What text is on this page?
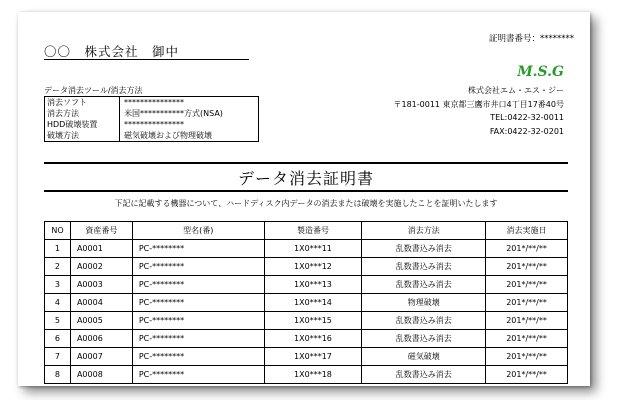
証明書番号：********
〇〇　株式会社　御中
M.S.G
株式会社エム・エス・ジー
〒181-0011 東京都三鷹市井口4丁目17番40号
TEL:0422-32-0011
FAX:0422-32-0201
データ消去ツール/消去方法
消去ソフト	***************
消去方法	米国***********方式(NSA)
HDD破壊装置	***************
破壊方法	磁気破壊および物理破壊
データ消去証明書
下記に記載する機器について、ハードディスク内データの消去または破壊を実施したことを証明いたします
NO	資産番号	型名(番)	製造番号	消去方法	消去実施日
1	A0001	PC-********	1X0***11	乱数書込み消去	201*/**/**
2	A0002	PC-********	1X0***12	乱数書込み消去	201*/**/**
3	A0003	PC-********	1X0***13	乱数書込み消去	201*/**/**
4	A0004	PC-********	1X0***14	物理破壊	201*/**/**
5	A0005	PC-********	1X0***15	乱数書込み消去	201*/**/**
6	A0006	PC-********	1X0***16	乱数書込み消去	201*/**/**
7	A0007	PC-********	1X0***17	磁気破壊	201*/**/**
8	A0008	PC-********	1X0***18	乱数書込み消去	201*/**/**
